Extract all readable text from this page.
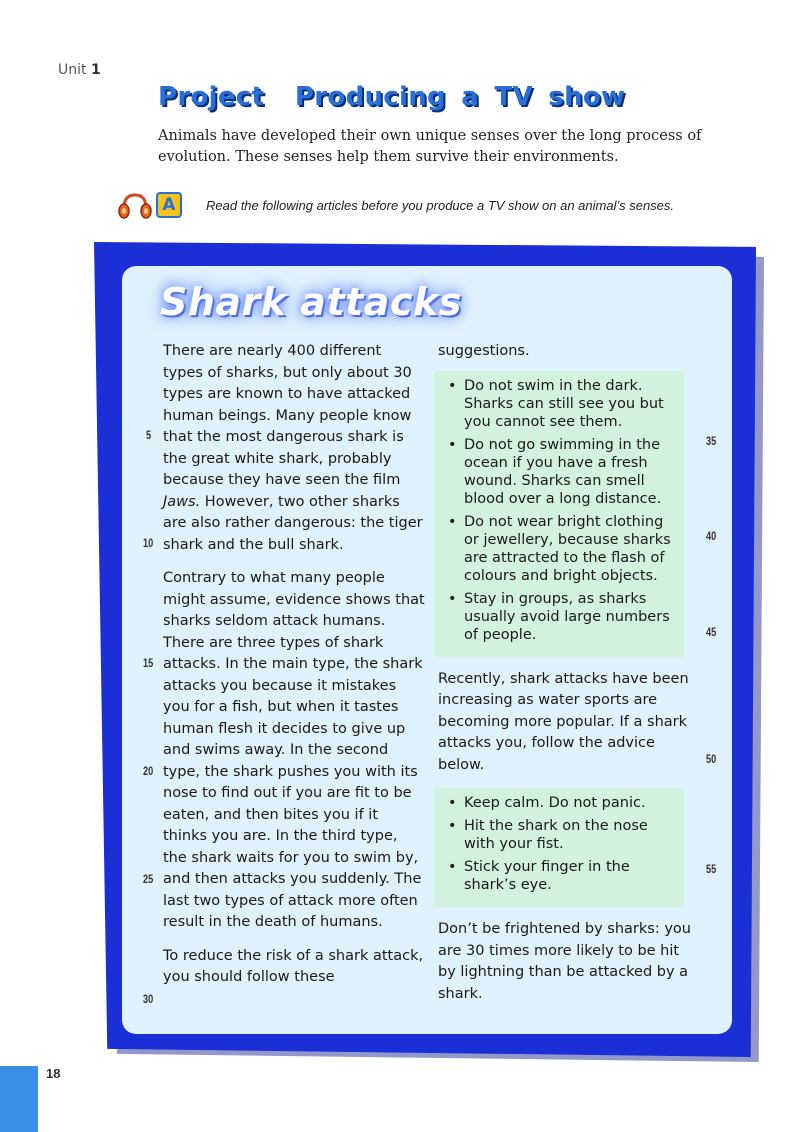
Unit 1
Project  Producing a TV show
Animals have developed their own unique senses over the long process of evolution. These senses help them survive their environments.
A	Read the following articles before you produce a TV show on an animal’s senses.
Shark attacks

There are nearly 400 different types of sharks, but only about 30 types are known to have attacked human beings. Many people know that the most dangerous shark is the great white shark, probably because they have seen the film Jaws. However, two other sharks are also rather dangerous: the tiger shark and the bull shark.

Contrary to what many people might assume, evidence shows that sharks seldom attack humans. There are three types of shark attacks. In the main type, the shark attacks you because it mistakes you for a fish, but when it tastes human flesh it decides to give up and swims away. In the second type, the shark pushes you with its nose to find out if you are fit to be eaten, and then bites you if it thinks you are. In the third type, the shark waits for you to swim by, and then attacks you suddenly. The last two types of attack more often result in the death of humans.

To reduce the risk of a shark attack, you should follow these

suggestions.
• Do not swim in the dark. Sharks can still see you but you cannot see them.
• Do not go swimming in the ocean if you have a fresh wound. Sharks can smell blood over a long distance.
• Do not wear bright clothing or jewellery, because sharks are attracted to the flash of colours and bright objects.
• Stay in groups, as sharks usually avoid large numbers of people.
Recently, shark attacks have been increasing as water sports are becoming more popular. If a shark attacks you, follow the advice below.
• Keep calm. Do not panic.
• Hit the shark on the nose with your fist.
• Stick your finger in the shark’s eye.
Don’t be frightened by sharks: you are 30 times more likely to be hit by lightning than be attacked by a shark.
5
10
15
20
25
30
35
40
45
50
55
18
